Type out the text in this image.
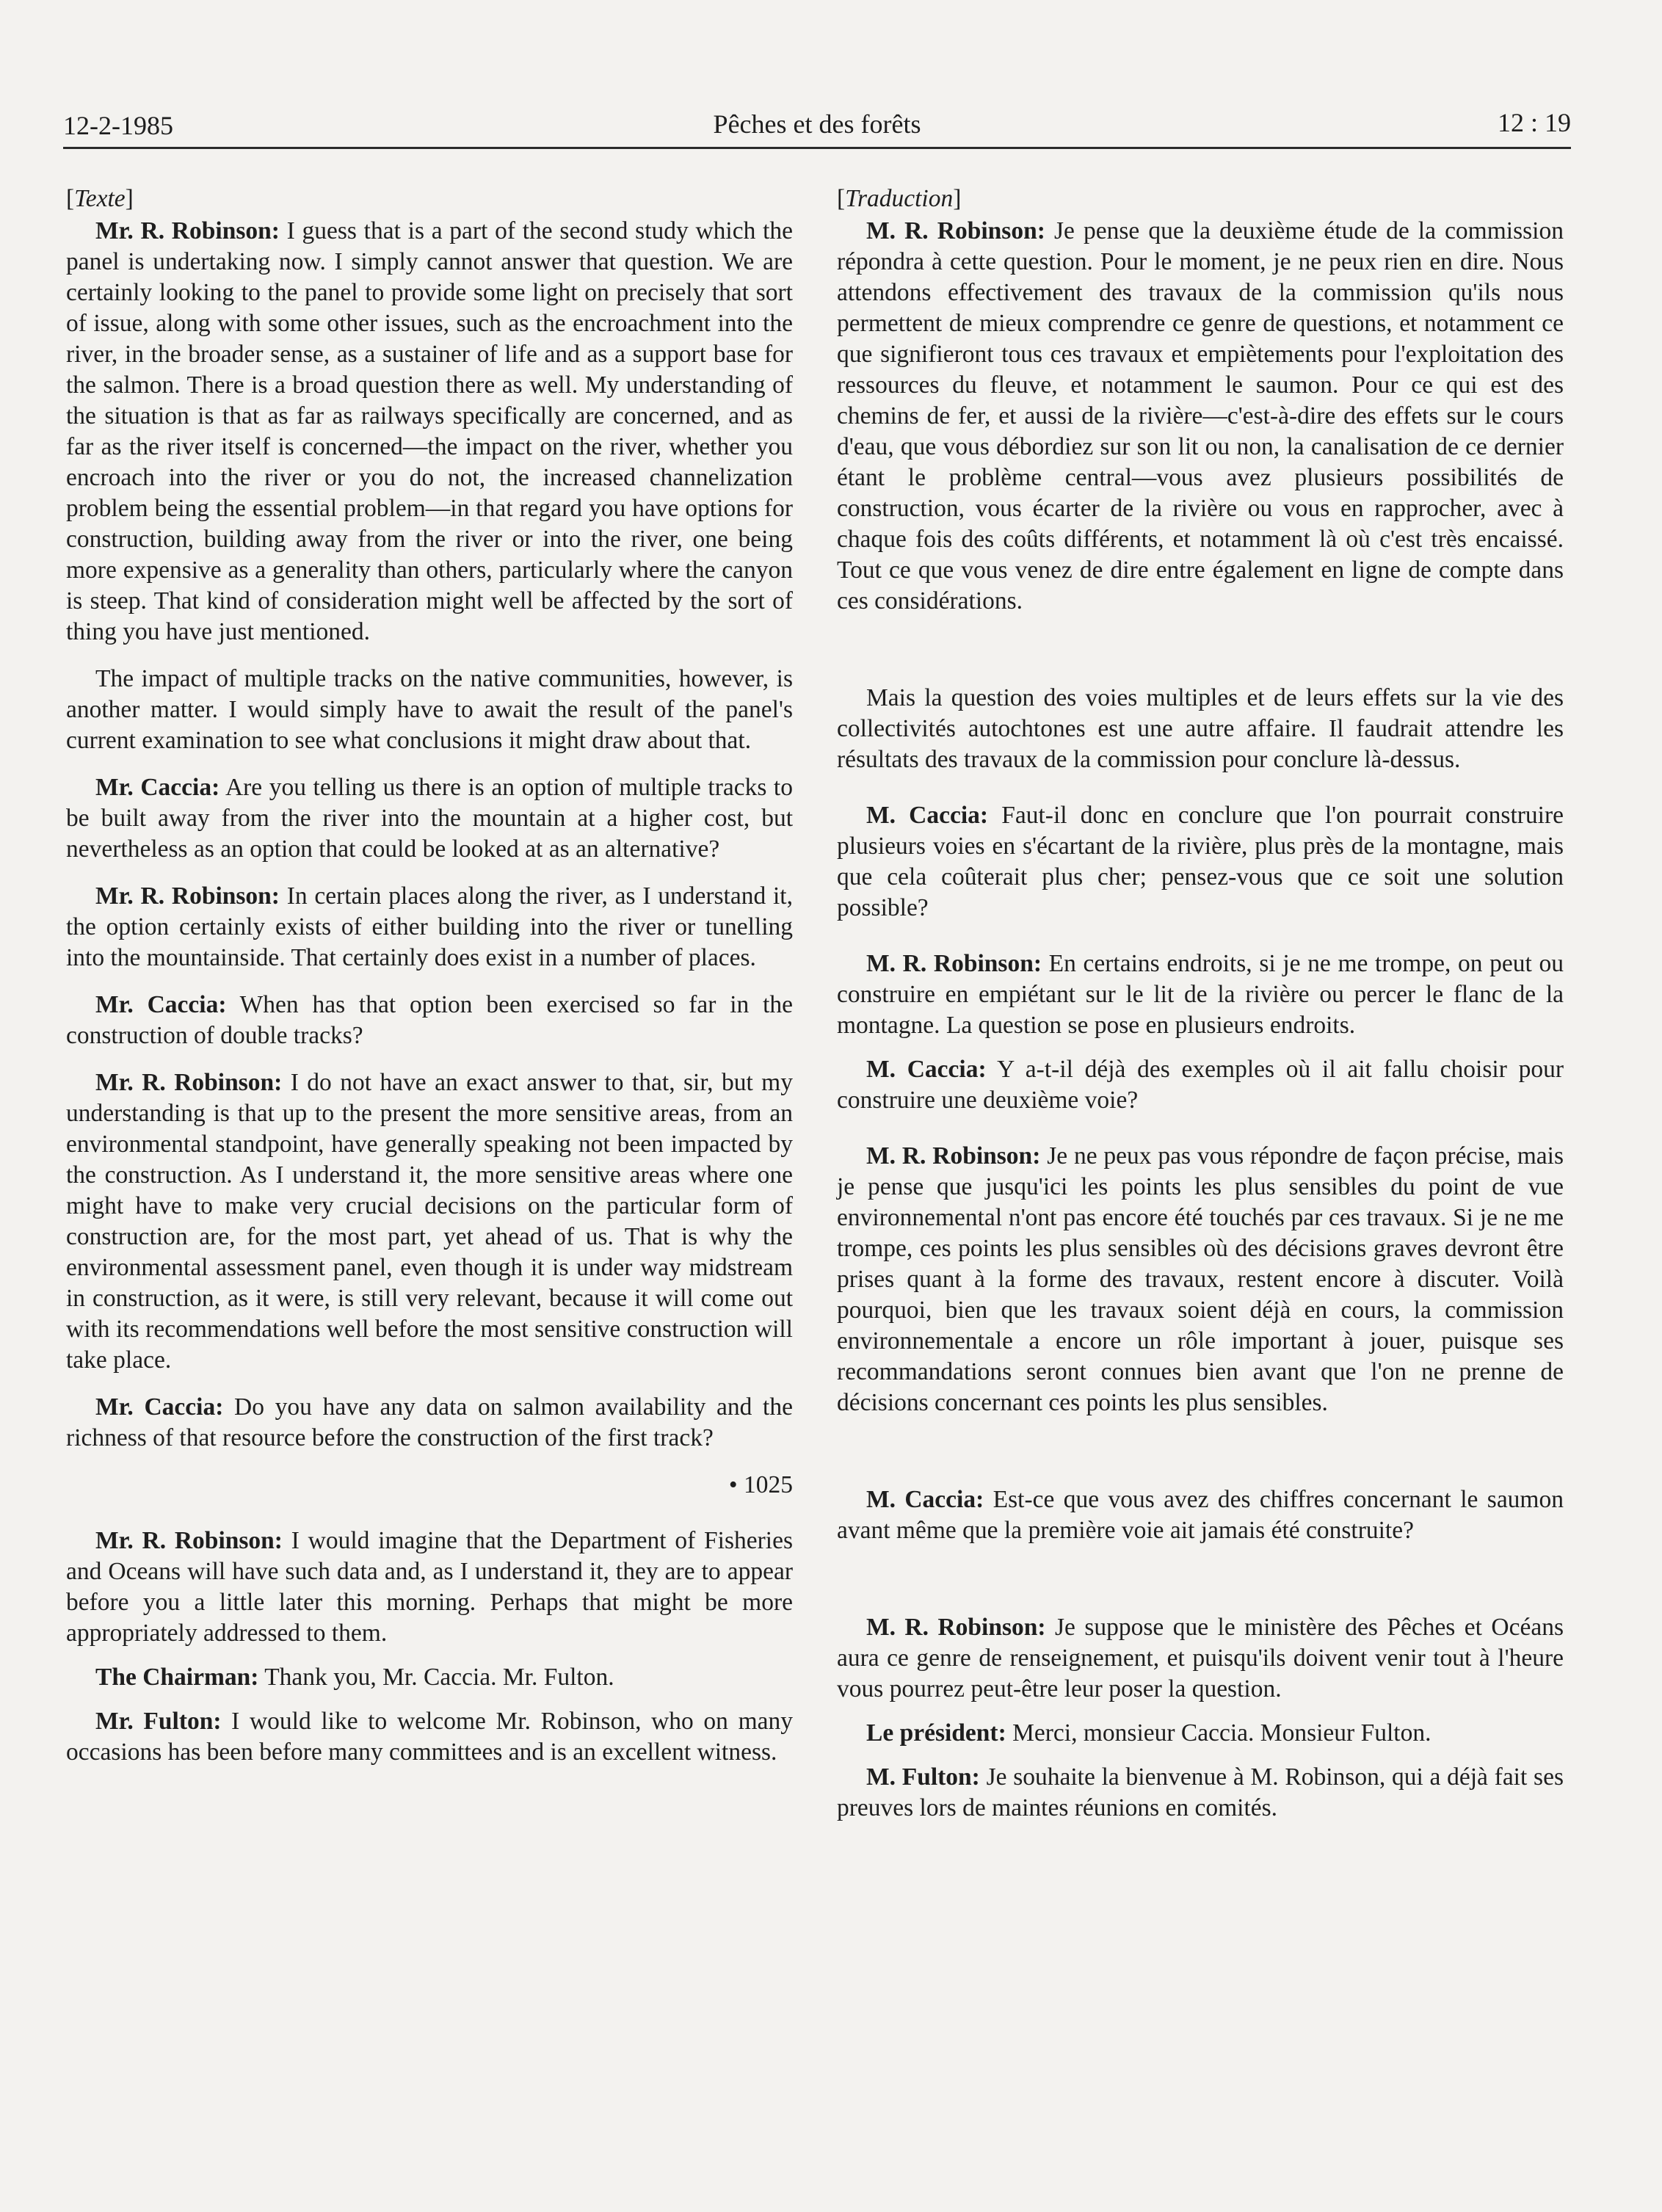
12-2-1985	Pêches et des forêts	12 : 19

[Texte]

Mr. R. Robinson: I guess that is a part of the second study which the panel is undertaking now. I simply cannot answer that question. We are certainly looking to the panel to provide some light on precisely that sort of issue, along with some other issues, such as the encroachment into the river, in the broader sense, as a sustainer of life and as a support base for the salmon. There is a broad question there as well. My understanding of the situation is that as far as railways specifically are concerned, and as far as the river itself is concerned—the impact on the river, whether you encroach into the river or you do not, the increased channelization problem being the essential problem—in that regard you have options for construction, building away from the river or into the river, one being more expensive as a generality than others, particularly where the canyon is steep. That kind of consideration might well be affected by the sort of thing you have just mentioned.

The impact of multiple tracks on the native communities, however, is another matter. I would simply have to await the result of the panel's current examination to see what conclusions it might draw about that.

Mr. Caccia: Are you telling us there is an option of multiple tracks to be built away from the river into the mountain at a higher cost, but nevertheless as an option that could be looked at as an alternative?

Mr. R. Robinson: In certain places along the river, as I understand it, the option certainly exists of either building into the river or tunelling into the mountainside. That certainly does exist in a number of places.

Mr. Caccia: When has that option been exercised so far in the construction of double tracks?

Mr. R. Robinson: I do not have an exact answer to that, sir, but my understanding is that up to the present the more sensitive areas, from an environmental standpoint, have generally speaking not been impacted by the construction. As I understand it, the more sensitive areas where one might have to make very crucial decisions on the particular form of construction are, for the most part, yet ahead of us. That is why the environmental assessment panel, even though it is under way midstream in construction, as it were, is still very relevant, because it will come out with its recommendations well before the most sensitive construction will take place.

Mr. Caccia: Do you have any data on salmon availability and the richness of that resource before the construction of the first track?

• 1025

Mr. R. Robinson: I would imagine that the Department of Fisheries and Oceans will have such data and, as I understand it, they are to appear before you a little later this morning. Perhaps that might be more appropriately addressed to them.

The Chairman: Thank you, Mr. Caccia. Mr. Fulton.

Mr. Fulton: I would like to welcome Mr. Robinson, who on many occasions has been before many committees and is an excellent witness.

[Traduction]

M. R. Robinson: Je pense que la deuxième étude de la commission répondra à cette question. Pour le moment, je ne peux rien en dire. Nous attendons effectivement des travaux de la commission qu'ils nous permettent de mieux comprendre ce genre de questions, et notamment ce que signifieront tous ces travaux et empiètements pour l'exploitation des ressources du fleuve, et notamment le saumon. Pour ce qui est des chemins de fer, et aussi de la rivière—c'est-à-dire des effets sur le cours d'eau, que vous débordiez sur son lit ou non, la canalisation de ce dernier étant le problème central—vous avez plusieurs possibilités de construction, vous écarter de la rivière ou vous en rapprocher, avec à chaque fois des coûts différents, et notamment là où c'est très encaissé. Tout ce que vous venez de dire entre également en ligne de compte dans ces considérations.

Mais la question des voies multiples et de leurs effets sur la vie des collectivités autochtones est une autre affaire. Il faudrait attendre les résultats des travaux de la commission pour conclure là-dessus.

M. Caccia: Faut-il donc en conclure que l'on pourrait construire plusieurs voies en s'écartant de la rivière, plus près de la montagne, mais que cela coûterait plus cher; pensez-vous que ce soit une solution possible?

M. R. Robinson: En certains endroits, si je ne me trompe, on peut ou construire en empiétant sur le lit de la rivière ou percer le flanc de la montagne. La question se pose en plusieurs endroits.

M. Caccia: Y a-t-il déjà des exemples où il ait fallu choisir pour construire une deuxième voie?

M. R. Robinson: Je ne peux pas vous répondre de façon précise, mais je pense que jusqu'ici les points les plus sensibles du point de vue environnemental n'ont pas encore été touchés par ces travaux. Si je ne me trompe, ces points les plus sensibles où des décisions graves devront être prises quant à la forme des travaux, restent encore à discuter. Voilà pourquoi, bien que les travaux soient déjà en cours, la commission environnementale a encore un rôle important à jouer, puisque ses recommandations seront connues bien avant que l'on ne prenne de décisions concernant ces points les plus sensibles.

M. Caccia: Est-ce que vous avez des chiffres concernant le saumon avant même que la première voie ait jamais été construite?

M. R. Robinson: Je suppose que le ministère des Pêches et Océans aura ce genre de renseignement, et puisqu'ils doivent venir tout à l'heure vous pourrez peut-être leur poser la question.

Le président: Merci, monsieur Caccia. Monsieur Fulton.

M. Fulton: Je souhaite la bienvenue à M. Robinson, qui a déjà fait ses preuves lors de maintes réunions en comités.
